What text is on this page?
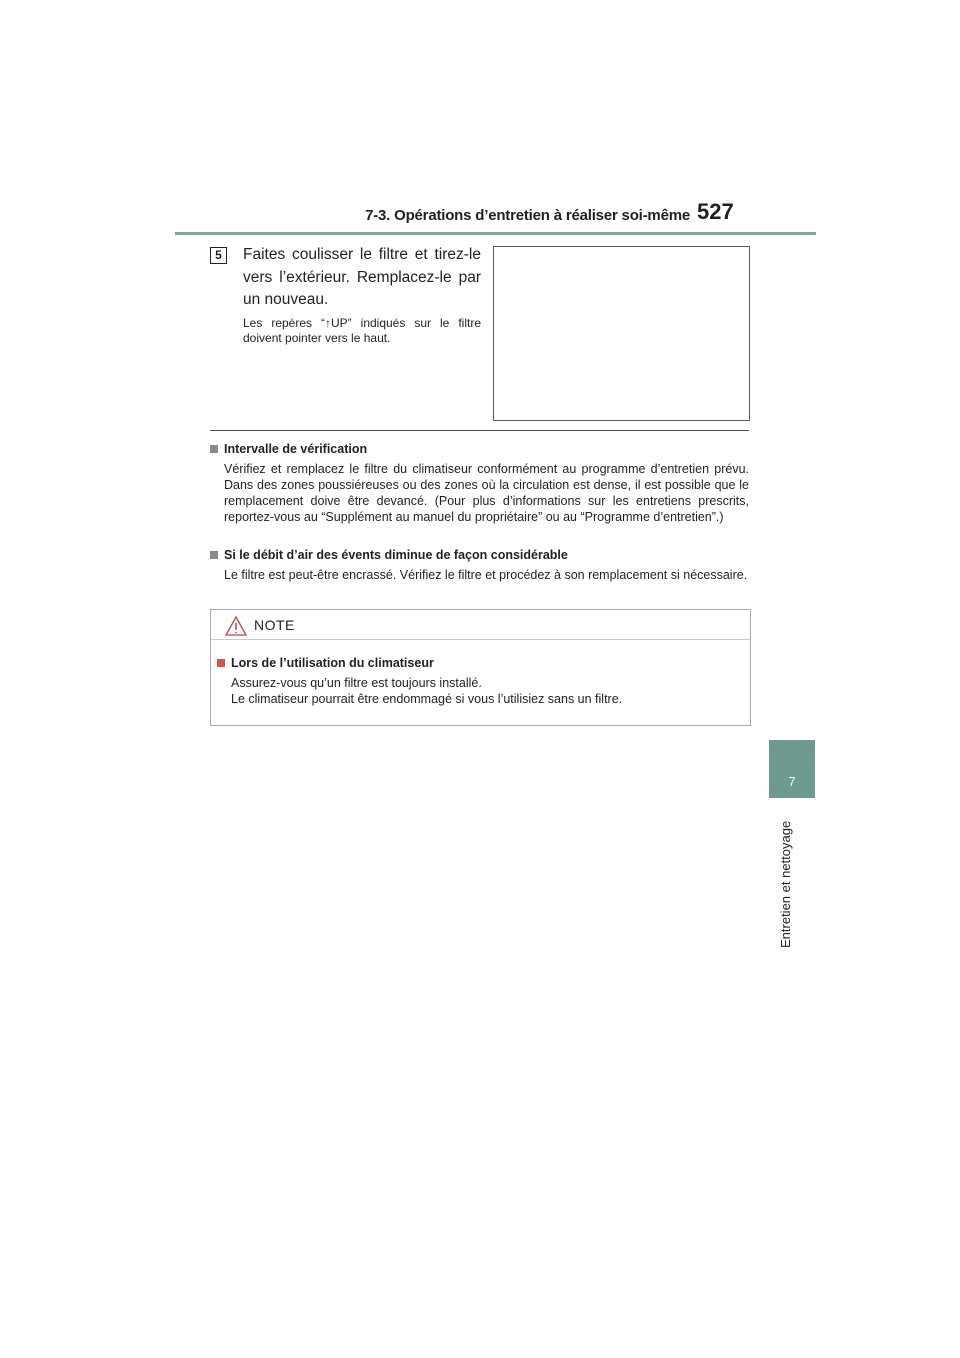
7-3. Opérations d’entretien à réaliser soi-même 527
7
Entretien et nettoyage
5	Faites coulisser le filtre et tirez-le vers l’extérieur. Remplacez-le par un nouveau.
Les repères “↑UP” indiqués sur le filtre doivent pointer vers le haut.
Intervalle de vérification
Vérifiez et remplacez le filtre du climatiseur conformément au programme d’entretien prévu. Dans des zones poussiéreuses ou des zones où la circulation est dense, il est possible que le remplacement doive être devancé. (Pour plus d’informations sur les entretiens prescrits, reportez-vous au “Supplément au manuel du propriétaire” ou au “Programme d’entretien”.)
Si le débit d’air des évents diminue de façon considérable
Le filtre est peut-être encrassé. Vérifiez le filtre et procédez à son remplacement si nécessaire.
NOTE
Lors de l’utilisation du climatiseur
Assurez-vous qu’un filtre est toujours installé.
Le climatiseur pourrait être endommagé si vous l’utilisiez sans un filtre.
